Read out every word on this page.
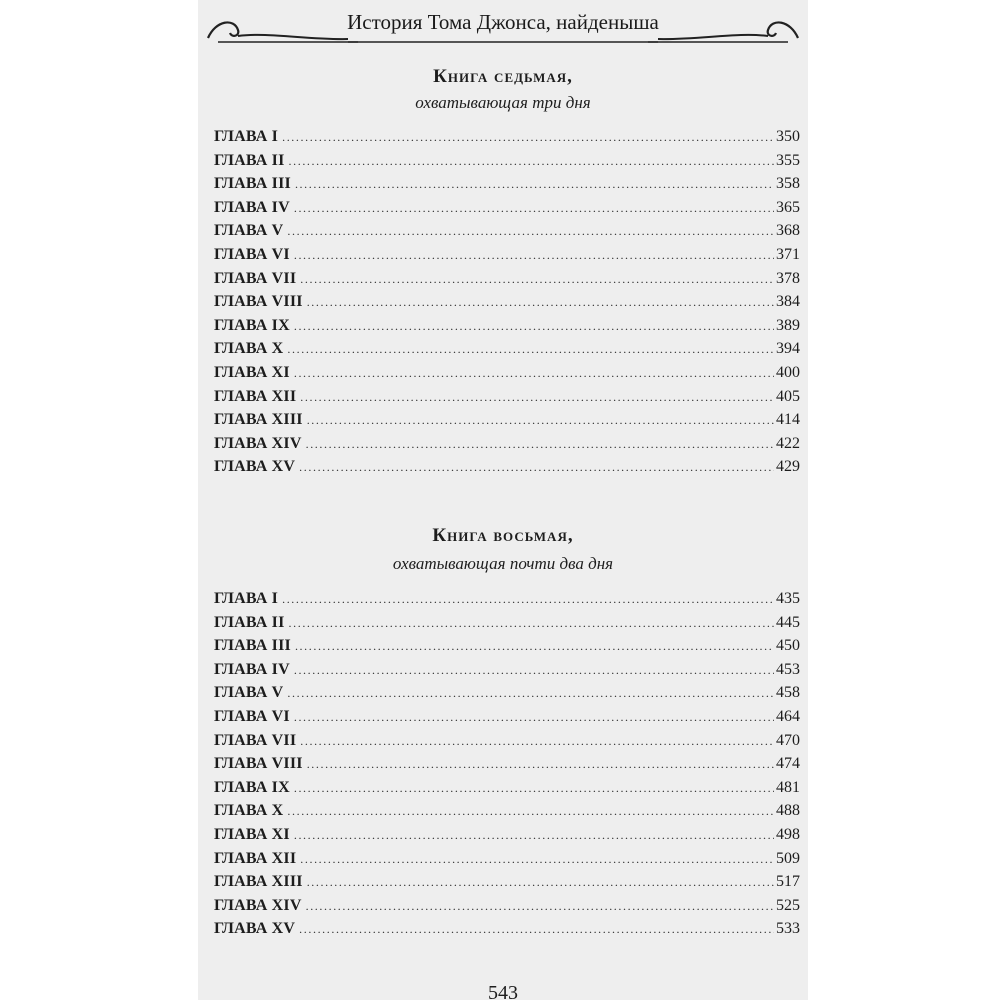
История Тома Джонса, найденыша
Книга седьмая,
охватывающая три дня
ГЛАВА I .....	350
ГЛАВА II .....	355
ГЛАВА III .....	358
ГЛАВА IV .....	365
ГЛАВА V .....	368
ГЛАВА VI .....	371
ГЛАВА VII .....	378
ГЛАВА VIII .....	384
ГЛАВА IX .....	389
ГЛАВА X .....	394
ГЛАВА XI .....	400
ГЛАВА XII .....	405
ГЛАВА XIII .....	414
ГЛАВА XIV .....	422
ГЛАВА XV .....	429
Книга восьмая,
охватывающая почти два дня
ГЛАВА I .....	435
ГЛАВА II .....	445
ГЛАВА III .....	450
ГЛАВА IV .....	453
ГЛАВА V .....	458
ГЛАВА VI .....	464
ГЛАВА VII .....	470
ГЛАВА VIII .....	474
ГЛАВА IX .....	481
ГЛАВА X .....	488
ГЛАВА XI .....	498
ГЛАВА XII .....	509
ГЛАВА XIII .....	517
ГЛАВА XIV .....	525
ГЛАВА XV .....	533
543
